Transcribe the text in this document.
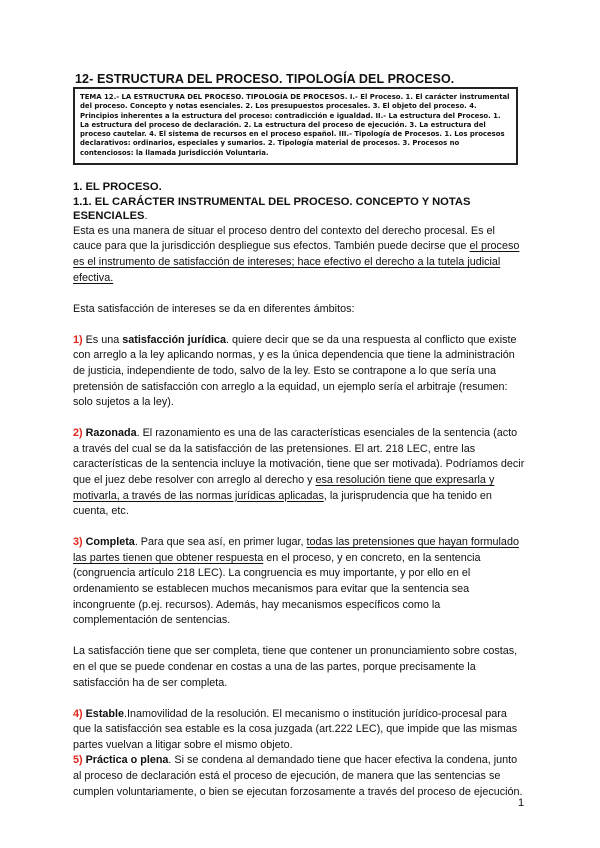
12- ESTRUCTURA DEL PROCESO. TIPOLOGÍA DEL PROCESO.
TEMA 12.- LA ESTRUCTURA DEL PROCESO. TIPOLOGÍA DE PROCESOS. I.- El Proceso. 1. El carácter instrumental del proceso. Concepto y notas esenciales. 2. Los presupuestos procesales. 3. El objeto del proceso. 4. Principios inherentes a la estructura del proceso: contradicción e igualdad. II.- La estructura del Proceso. 1. La estructura del proceso de declaración. 2. La estructura del proceso de ejecución. 3. La estructura del proceso cautelar. 4. El sistema de recursos en el proceso español. III.- Tipología de Procesos. 1. Los procesos declarativos: ordinarios, especiales y sumarios. 2. Tipología material de procesos. 3. Procesos no contenciosos: la llamada Jurisdicción Voluntaria.

1. EL PROCESO.

1.1. EL CARÁCTER INSTRUMENTAL DEL PROCESO. CONCEPTO Y NOTAS ESENCIALES.

Esta es una manera de situar el proceso dentro del contexto del derecho procesal. Es el cauce para que la jurisdicción despliegue sus efectos. También puede decirse que el proceso es el instrumento de satisfacción de intereses; hace efectivo el derecho a la tutela judicial efectiva.

Esta satisfacción de intereses se da en diferentes ámbitos:

1) Es una satisfacción jurídica. quiere decir que se da una respuesta al conflicto que existe con arreglo a la ley aplicando normas, y es la única dependencia que tiene la administración de justicia, independiente de todo, salvo de la ley. Esto se contrapone a lo que sería una pretensión de satisfacción con arreglo a la equidad, un ejemplo sería el arbitraje (resumen: solo sujetos a la ley).

2) Razonada. El razonamiento es una de las características esenciales de la sentencia (acto a través del cual se da la satisfacción de las pretensiones. El art. 218 LEC, entre las características de la sentencia incluye la motivación, tiene que ser motivada). Podríamos decir que el juez debe resolver con arreglo al derecho y esa resolución tiene que expresarla y motivarla, a través de las normas jurídicas aplicadas, la jurisprudencia que ha tenido en cuenta, etc.

3) Completa. Para que sea así, en primer lugar, todas las pretensiones que hayan formulado las partes tienen que obtener respuesta en el proceso, y en concreto, en la sentencia (congruencia artículo 218 LEC). La congruencia es muy importante, y por ello en el ordenamiento se establecen muchos mecanismos para evitar que la sentencia sea incongruente (p.ej. recursos). Además, hay mecanismos específicos como la complementación de sentencias.

La satisfacción tiene que ser completa, tiene que contener un pronunciamiento sobre costas, en el que se puede condenar en costas a una de las partes, porque precisamente la satisfacción ha de ser completa.

4) Estable.Inamovilidad de la resolución. El mecanismo o institución jurídico-procesal para que la satisfacción sea estable es la cosa juzgada (art.222 LEC), que impide que las mismas partes vuelvan a litigar sobre el mismo objeto.

5) Práctica o plena. Si se condena al demandado tiene que hacer efectiva la condena, junto al proceso de declaración está el proceso de ejecución, de manera que las sentencias se cumplen voluntariamente, o bien se ejecutan forzosamente a través del proceso de ejecución.

1
